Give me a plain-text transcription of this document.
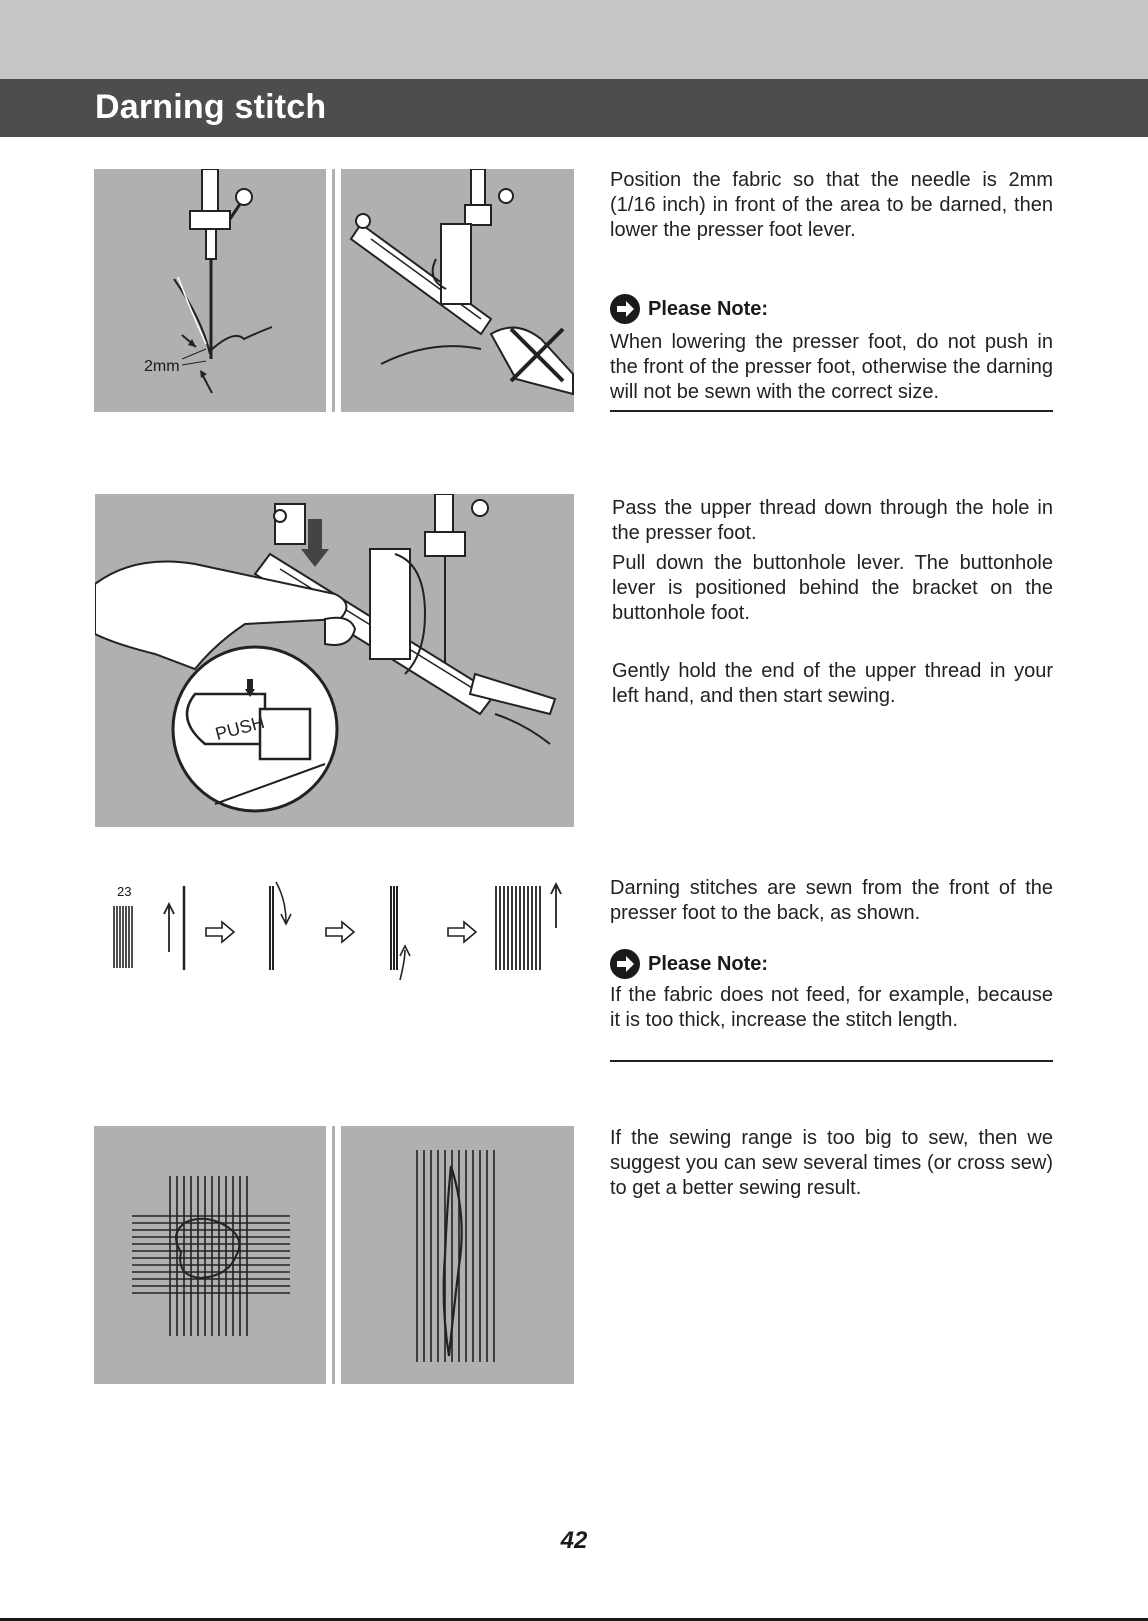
Darning stitch
2mm

Position the fabric so that the needle is 2mm (1/16 inch) in front of the area to be darned, then lower the presser foot lever.

Please Note:

When lowering the presser foot, do not push in the front of the presser foot, otherwise the darning will not be sewn with the correct size.

PUSH

Pass the upper thread down through the hole in the presser foot.

Pull down the buttonhole lever. The buttonhole lever is positioned behind the bracket on the buttonhole foot.

Gently hold the end of the upper thread in your left hand, and then start sewing.

23	Darning stitches are sewn from the front of the presser foot to the back, as shown.

Please Note:

If the fabric does not feed, for example, because it is too thick, increase the stitch length.

If the sewing range is too big to sew, then we suggest you can sew several times (or cross sew) to get a better sewing result.

42
